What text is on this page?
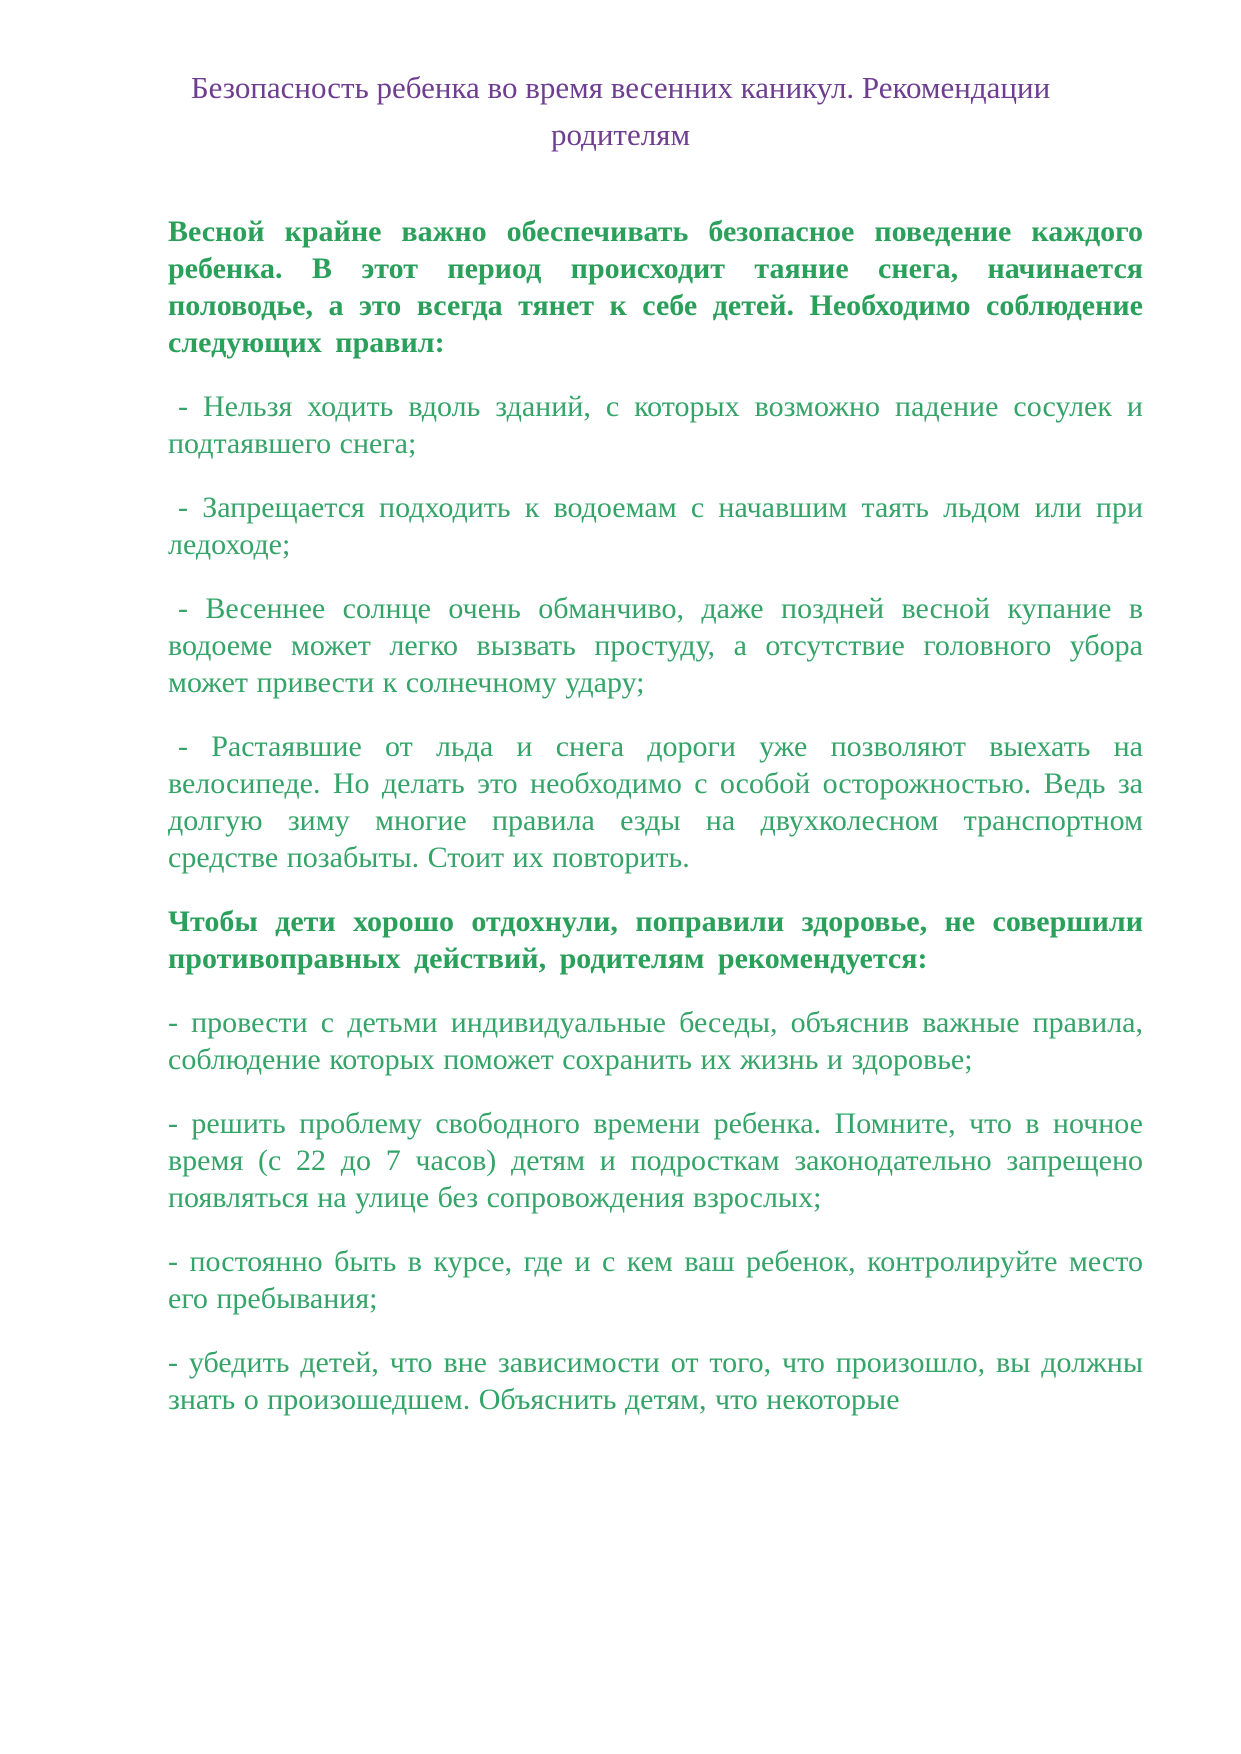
Безопасность ребенка во время весенних каникул. Рекомендации родителям

Весной крайне важно обеспечивать безопасное поведение каждого ребенка. В этот период происходит таяние снега, начинается половодье, а это всегда тянет к себе детей. Необходимо соблюдение следующих правил:

- Нельзя ходить вдоль зданий, с которых возможно падение сосулек и подтаявшего снега;

- Запрещается подходить к водоемам с начавшим таять льдом или при ледоходе;

- Весеннее солнце очень обманчиво, даже поздней весной купание в водоеме может легко вызвать простуду, а отсутствие головного убора может привести к солнечному удару;

- Растаявшие от льда и снега дороги уже позволяют выехать на велосипеде. Но делать это необходимо с особой осторожностью. Ведь за долгую зиму многие правила езды на двухколесном транспортном средстве позабыты. Стоит их повторить.

Чтобы дети хорошо отдохнули, поправили здоровье, не совершили противоправных действий, родителям рекомендуется:

- провести с детьми индивидуальные беседы, объяснив важные правила, соблюдение которых поможет сохранить их жизнь и здоровье;

- решить проблему свободного времени ребенка. Помните, что в ночное время (с 22 до 7 часов) детям и подросткам законодательно запрещено появляться на улице без сопровождения взрослых;

- постоянно быть в курсе, где и с кем ваш ребенок, контролируйте место его пребывания;

- убедить детей, что вне зависимости от того, что произошло, вы должны знать о произошедшем. Объяснить детям, что некоторые
